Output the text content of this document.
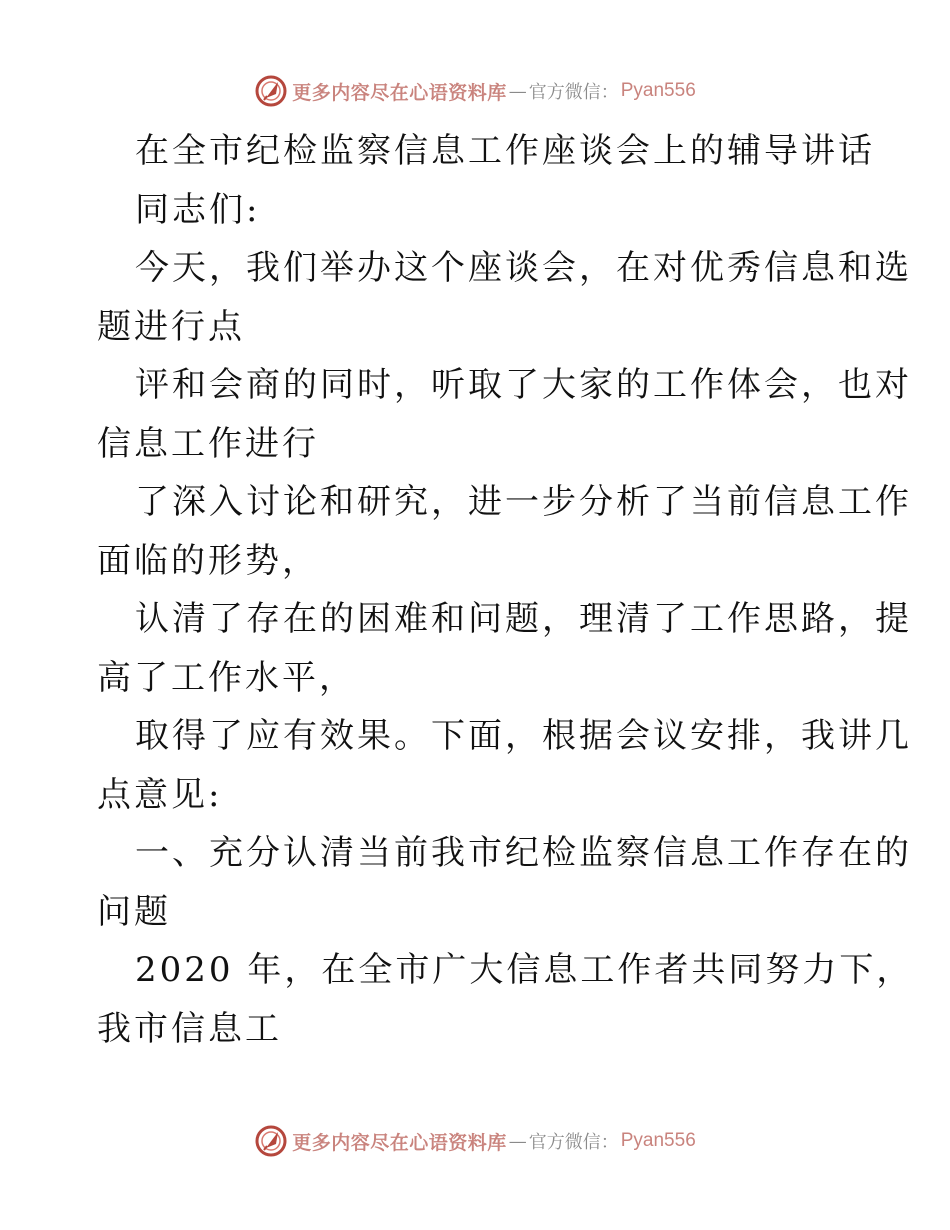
更多内容尽在心语资料库 — 官方微信： Pyan556
在全市纪检监察信息工作座谈会上的辅导讲话
同志们:
今天，我们举办这个座谈会，在对优秀信息和选
题进行点
评和会商的同时，听取了大家的工作体会，也对
信息工作进行
了深入讨论和研究，进一步分析了当前信息工作
面临的形势，
认清了存在的困难和问题，理清了工作思路，提
高了工作水平，
取得了应有效果。下面，根据会议安排，我讲几
点意见:
一、充分认清当前我市纪检监察信息工作存在的
问题
2020 年，在全市广大信息工作者共同努力下，
我市信息工
更多内容尽在心语资料库 — 官方微信： Pyan556
